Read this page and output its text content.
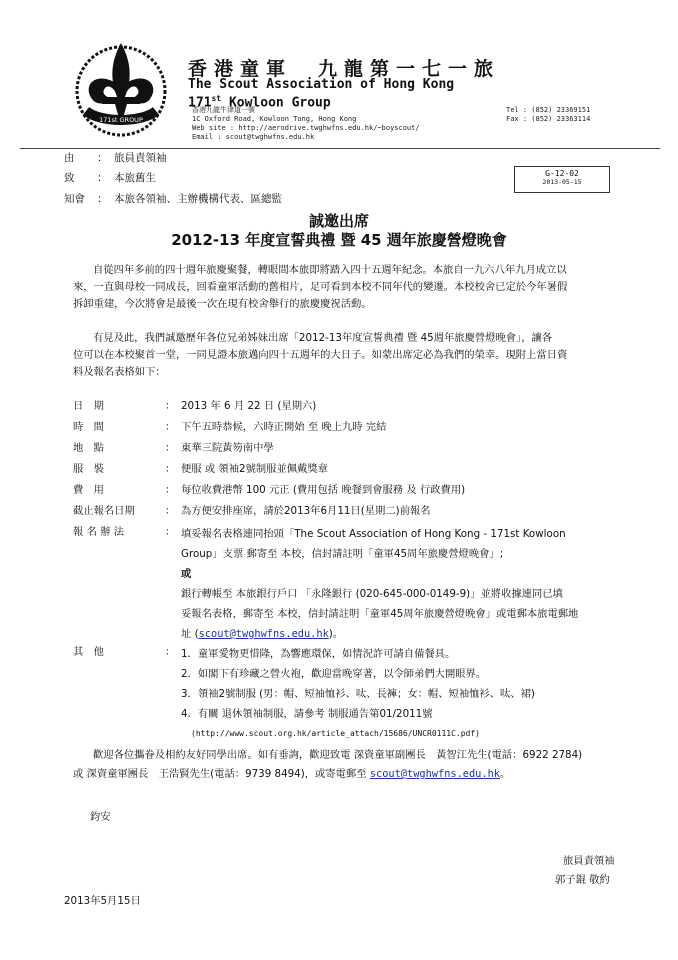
171st GROUP
香港童軍　九龍第一七一旅
The Scout Association of Hong Kong
171st Kowloon Group
香港九龍牛津道一號
1C Oxford Road, Kowloon Tong, Hong Kong
Web site : http://aerodrive.twghwfns.edu.hk/~boyscout/
Email : scout@twghwfns.edu.hk
Tel : (852) 23369151
Fax : (852) 23363114
由 ： 旅員責領袖
致 ： 本旅舊生
知會 ： 本旅各領袖、主辦機構代表、區總監
G-12-02
2013-05-15
誠邀出席
2012-13 年度宣誓典禮 暨 45 週年旅慶營燈晚會
自從四年多前的四十週年旅慶聚餐，轉眼間本旅即將踏入四十五週年紀念。本旅自一九六八年九月成立以
來，一直與母校一同成長，回看童軍活動的舊相片，足可看到本校不同年代的變遷。本校校舍已定於今年暑假
拆卸重建，今次將會是最後一次在現有校舍舉行的旅慶慶祝活動。
有見及此，我們誠邀歷年各位兄弟姊妹出席「2012-13年度宣誓典禮 暨 45週年旅慶營燈晚會」，讓各
位可以在本校聚首一堂，一同見證本旅邁向四十五週年的大日子。如蒙出席定必為我們的榮幸。現附上當日資
料及報名表格如下：
日　期	： 2013 年 6 月 22 日 (星期六)
時　間	： 下午五時恭候，六時正開始 至 晚上九時 完結
地　點	： 東華三院黃笏南中學
服　裝	： 便服 或 領袖2號制服並佩戴獎章
費　用	： 每位收費港幣 100 元正 (費用包括 晚餐到會服務 及 行政費用)
截止報名日期	： 為方便安排座席，請於2013年6月11日(星期二)前報名
報 名 辦 法	： 填妥報名表格連同抬頭「The Scout Association of Hong Kong - 171st Kowloon
Group」支票 郵寄至 本校，信封請註明「童軍45周年旅慶營燈晚會」;
或
銀行轉帳至 本旅銀行戶口 「永隆銀行 (020-645-000-0149-9)」並將收據連同已填
妥報名表格，郵寄至 本校，信封請註明「童軍45周年旅慶營燈晚會」或電郵本旅電郵地
址 (scout@twghwfns.edu.hk)。
其　他	： 1．童軍愛物更惜隆，為響應環保，如情況許可請自備餐具。
2．如閣下有珍藏之營火袍，歡迎當晚穿著，以令師弟們大開眼界。
3．領袖2號制服 (男：帽、短袖恤衫、呔、長褲；女：帽、短袖恤衫、呔、裙)
4．有關 退休領袖制服，請參考 制服通告第01/2011號
(http://www.scout.org.hk/article_attach/15686/UNCR0111C.pdf)
歡迎各位攜眷及相約友好同學出席。如有垂詢，歡迎致電 深資童軍副團長　黃智江先生(電話：6922 2784)
或 深資童軍團長　王浩賢先生(電話：9739 8494)，或寄電郵至 scout@twghwfns.edu.hk。
鈞安
旅員責領袖
郭子錕 敬約
2013年5月15日
